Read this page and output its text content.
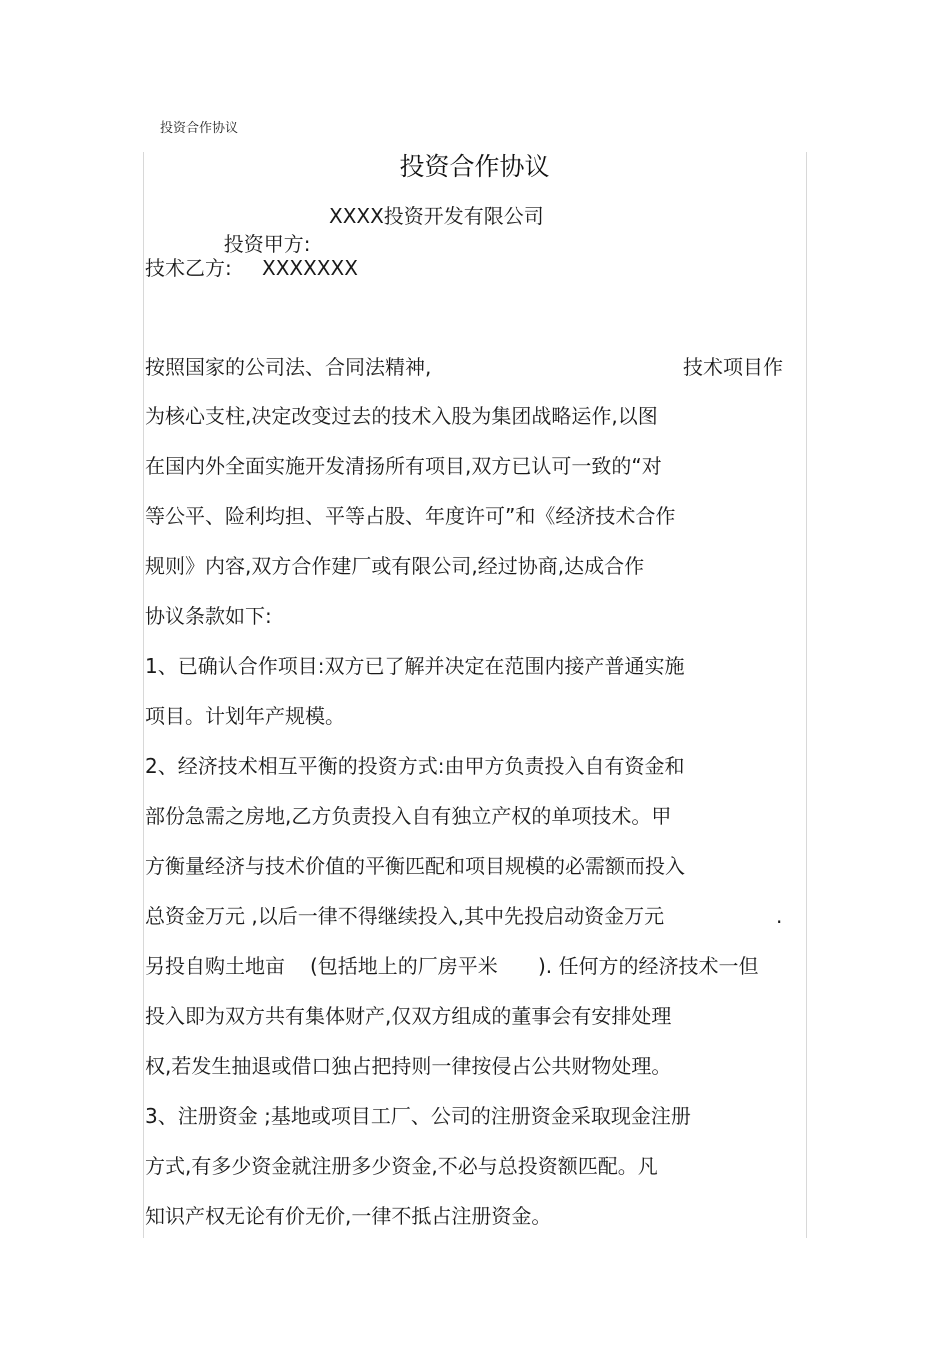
投资合作协议
投资合作协议

投资甲方:

XXXX投资开发有限公司
技术乙方: XXXXXXX
按照国家的公司法、合同法精神,	技术项目作
为核心支柱,决定改变过去的技术入股为集团战略运作,以图
在国内外全面实施开发清扬所有项目,双方已认可一致的“对
等公平、险利均担、平等占股、年度许可”和《经济技术合作
规则》内容,双方合作建厂或有限公司,经过协商,达成合作
协议条款如下:
1、已确认合作项目:双方已了解并决定在范围内接产普通实施
项目。计划年产规模。
2、经济技术相互平衡的投资方式:由甲方负责投入自有资金和
部份急需之房地,乙方负责投入自有独立产权的单项技术。甲
方衡量经济与技术价值的平衡匹配和项目规模的必需额而投入
总资金万元 ,以后一律不得继续投入,其中先投启动资金万元	.
另投自购土地亩 (包括地上的厂房平米 ). 任何方的经济技术一但
投入即为双方共有集体财产,仅双方组成的董事会有安排处理
权,若发生抽退或借口独占把持则一律按侵占公共财物处理。
3、注册资金 ;基地或项目工厂、公司的注册资金采取现金注册
方式,有多少资金就注册多少资金,不必与总投资额匹配。凡
知识产权无论有价无价,一律不抵占注册资金。
